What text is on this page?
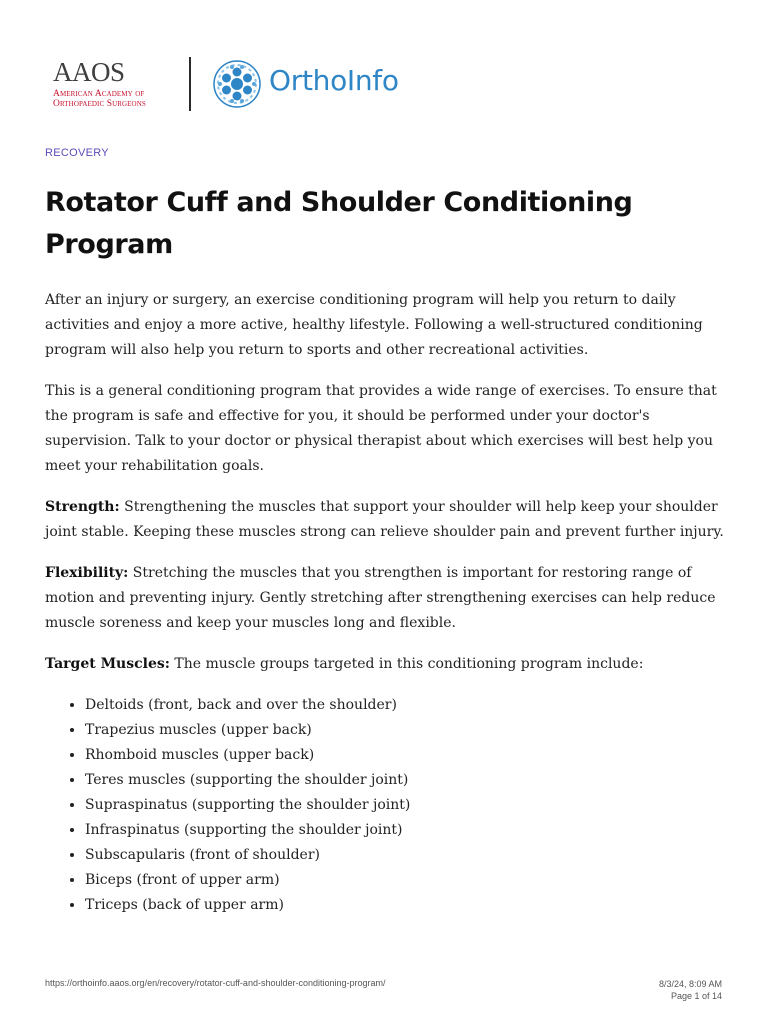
AAOS
American Academy of
Orthopaedic Surgeons
OrthoInfo
RECOVERY
Rotator Cuff and Shoulder Conditioning Program

After an injury or surgery, an exercise conditioning program will help you return to daily activities and enjoy a more active, healthy lifestyle. Following a well-structured conditioning program will also help you return to sports and other recreational activities.

This is a general conditioning program that provides a wide range of exercises. To ensure that the program is safe and effective for you, it should be performed under your doctor's supervision. Talk to your doctor or physical therapist about which exercises will best help you meet your rehabilitation goals.

Strength: Strengthening the muscles that support your shoulder will help keep your shoulder joint stable. Keeping these muscles strong can relieve shoulder pain and prevent further injury.

Flexibility: Stretching the muscles that you strengthen is important for restoring range of motion and preventing injury. Gently stretching after strengthening exercises can help reduce muscle soreness and keep your muscles long and flexible.

Target Muscles: The muscle groups targeted in this conditioning program include:

• Deltoids (front, back and over the shoulder)
• Trapezius muscles (upper back)
• Rhomboid muscles (upper back)
• Teres muscles (supporting the shoulder joint)
• Supraspinatus (supporting the shoulder joint)
• Infraspinatus (supporting the shoulder joint)
• Subscapularis (front of shoulder)
• Biceps (front of upper arm)
• Triceps (back of upper arm)
https://orthoinfo.aaos.org/en/recovery/rotator-cuff-and-shoulder-conditioning-program/	8/3/24, 8:09 AM
Page 1 of 14
